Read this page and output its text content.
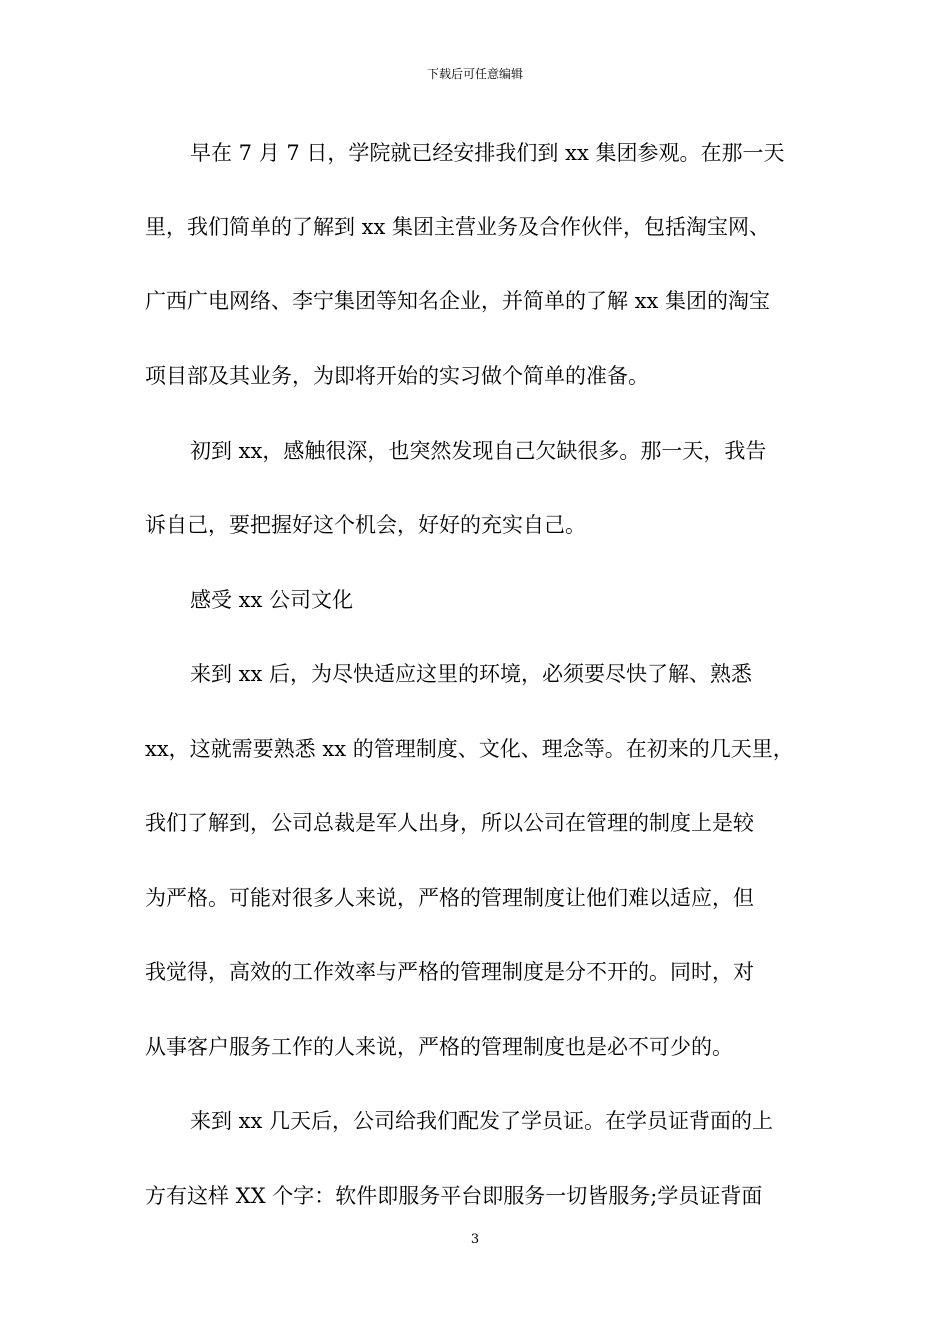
下载后可任意编辑
早在 7 月 7 日，学院就已经安排我们到 xx 集团参观。在那一天
里，我们简单的了解到 xx 集团主营业务及合作伙伴，包括淘宝网、
广西广电网络、李宁集团等知名企业，并简单的了解 xx 集团的淘宝
项目部及其业务，为即将开始的实习做个简单的准备。
初到 xx，感触很深，也突然发现自己欠缺很多。那一天，我告
诉自己，要把握好这个机会，好好的充实自己。
感受 xx 公司文化
来到 xx 后，为尽快适应这里的环境，必须要尽快了解、熟悉
xx，这就需要熟悉 xx 的管理制度、文化、理念等。在初来的几天里，
我们了解到，公司总裁是军人出身，所以公司在管理的制度上是较
为严格。可能对很多人来说，严格的管理制度让他们难以适应，但
我觉得，高效的工作效率与严格的管理制度是分不开的。同时，对
从事客户服务工作的人来说，严格的管理制度也是必不可少的。
来到 xx 几天后，公司给我们配发了学员证。在学员证背面的上
方有这样 XX 个字：软件即服务平台即服务一切皆服务;学员证背面
3
